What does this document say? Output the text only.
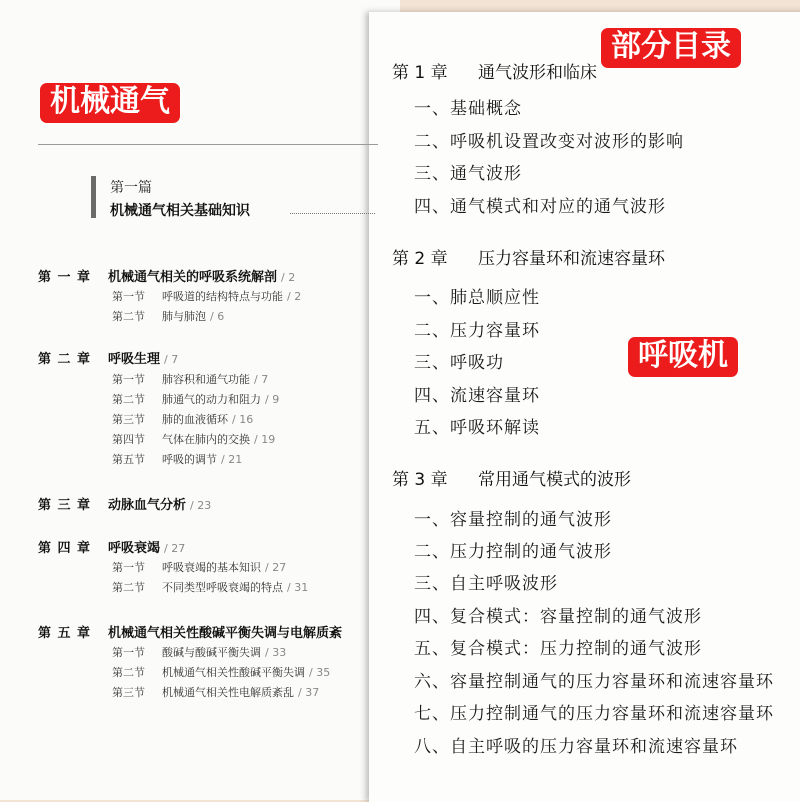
第一篇
机械通气相关基础知识
第 一 章 机械通气相关的呼吸系统解剖 / 2
第一节 呼吸道的结构特点与功能 / 2
第二节 肺与肺泡 / 6
第 二 章 呼吸生理 / 7
第一节 肺容积和通气功能 / 7
第二节 肺通气的动力和阻力 / 9
第三节 肺的血液循环 / 16
第四节 气体在肺内的交换 / 19
第五节 呼吸的调节 / 21
第 三 章 动脉血气分析 / 23
第 四 章 呼吸衰竭 / 27
第一节 呼吸衰竭的基本知识 / 27
第二节 不同类型呼吸衰竭的特点 / 31
第 五 章 机械通气相关性酸碱平衡失调与电解质紊
第一节 酸碱与酸碱平衡失调 / 33
第二节 机械通气相关性酸碱平衡失调 / 35
第三节 机械通气相关性电解质紊乱 / 37
第 1 章 通气波形和临床
一、基础概念
二、呼吸机设置改变对波形的影响
三、通气波形
四、通气模式和对应的通气波形
第 2 章 压力容量环和流速容量环
一、肺总顺应性
二、压力容量环
三、呼吸功
四、流速容量环
五、呼吸环解读
第 3 章 常用通气模式的波形
一、容量控制的通气波形
二、压力控制的通气波形
三、自主呼吸波形
四、复合模式：容量控制的通气波形
五、复合模式：压力控制的通气波形
六、容量控制通气的压力容量环和流速容量环
七、压力控制通气的压力容量环和流速容量环
八、自主呼吸的压力容量环和流速容量环
机械通气
部分目录
呼吸机
